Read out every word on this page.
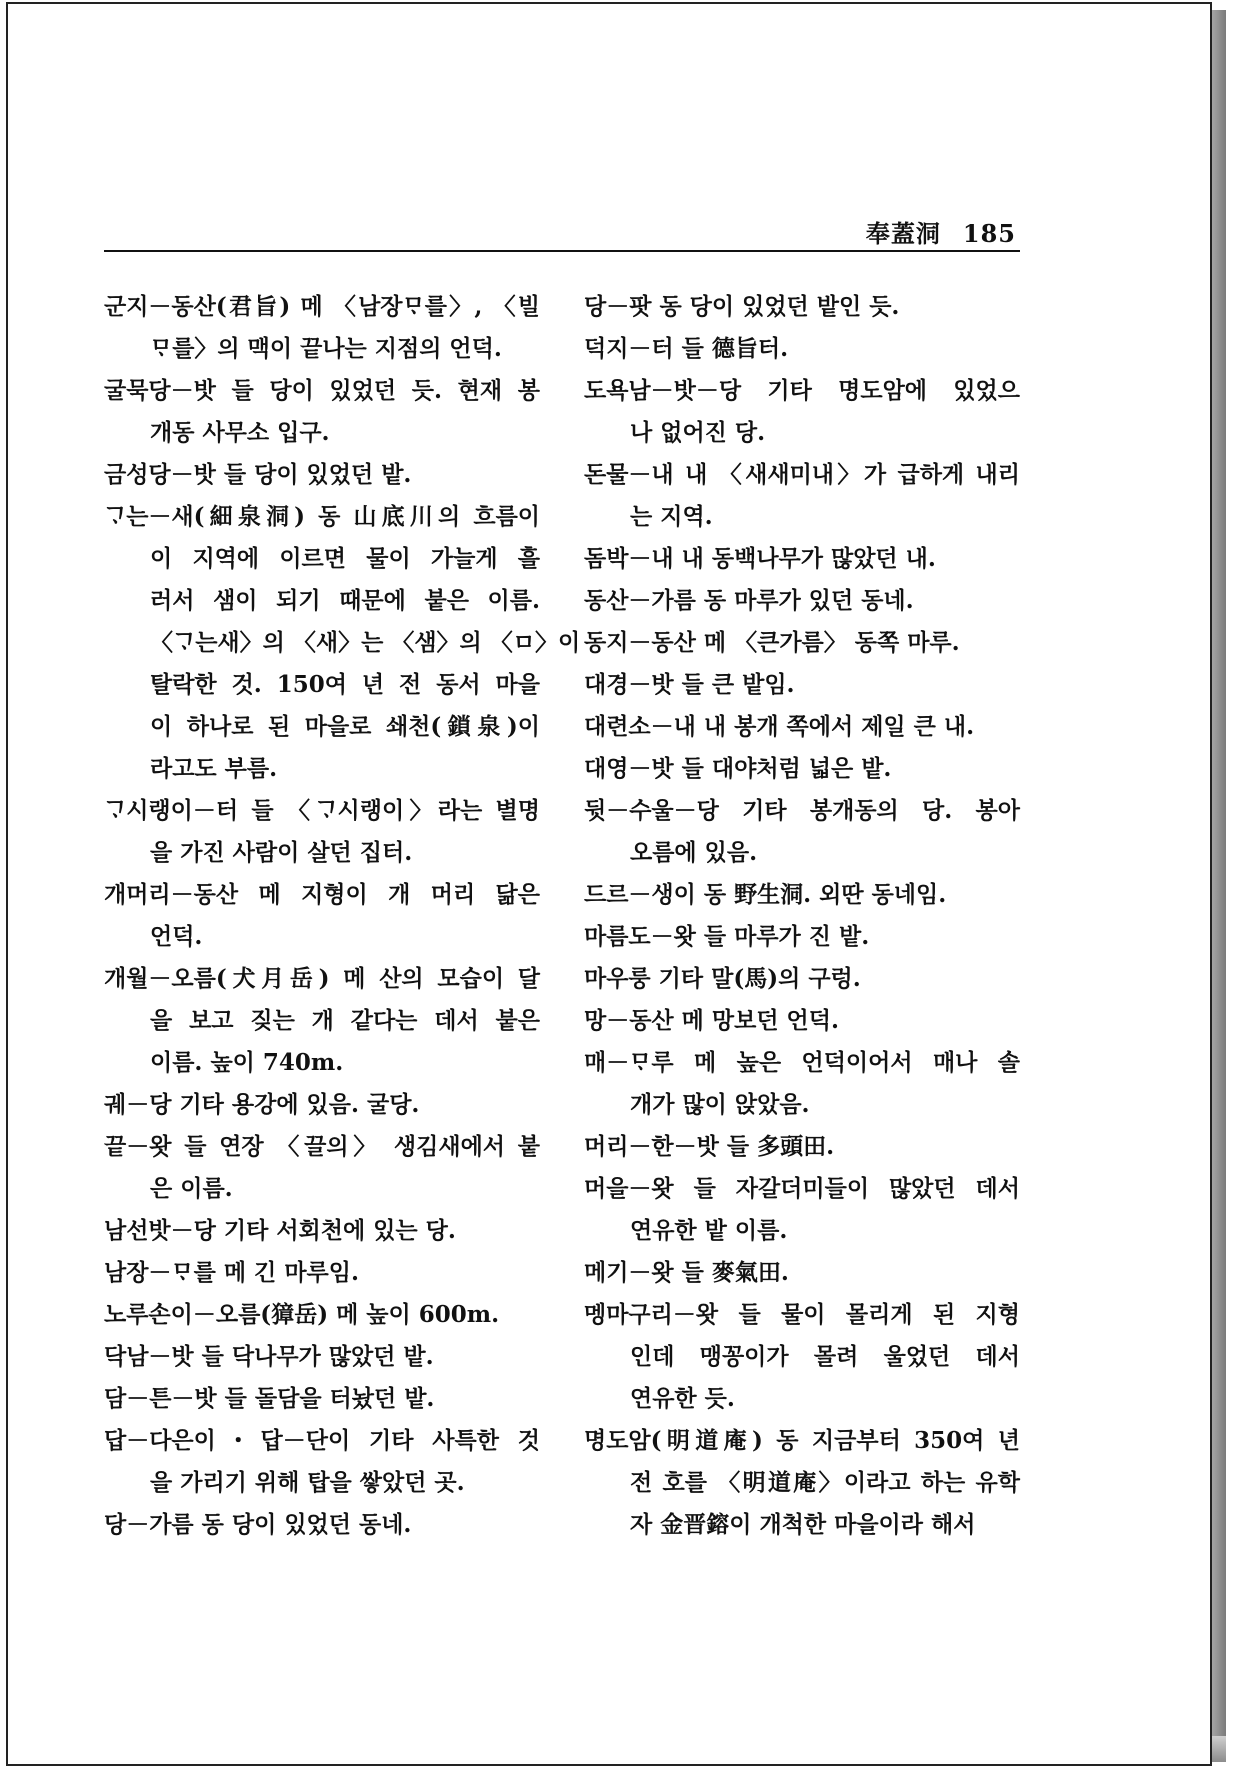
奉蓋洞 185
군지－동산(君旨) 메 〈남장ᄆᆞ를〉, 〈빌
ᄆᆞ를〉의 맥이 끝나는 지점의 언덕.
굴묵당－밧 들 당이 있었던 듯. 현재 봉
개동 사무소 입구.
금성당－밧 들 당이 있었던 밭.
ᄀᆞ는－새(細泉洞) 동 山底川의 흐름이
이 지역에 이르면 물이 가늘게 흘
러서 샘이 되기 때문에 붙은 이름.
〈ᄀᆞ는새〉의 〈새〉는 〈샘〉의 〈ㅁ〉이
탈락한 것. 150여 년 전 동서 마을
이 하나로 된 마을로 쇄천(鎖泉)이
라고도 부름.
ᄀᆞ시랭이－터 들 〈ᄀᆞ시랭이〉라는 별명
을 가진 사람이 살던 집터.
개머리－동산 메 지형이 개 머리 닮은
언덕.
개월－오름(犬月岳) 메 산의 모습이 달
을 보고 짖는 개 같다는 데서 붙은
이름. 높이 740m.
궤－당 기타 용강에 있음. 굴당.
끝－왓 들 연장 〈끌의〉 생김새에서 붙
은 이름.
남선밧－당 기타 서회천에 있는 당.
남장－ᄆᆞ를 메 긴 마루임.
노루손이－오름(獐岳) 메 높이 600m.
닥남－밧 들 닥나무가 많았던 밭.
담－튼－밧 들 돌담을 터놨던 밭.
답－다은이・답－단이 기타 사특한 것
을 가리기 위해 탑을 쌓았던 곳.
당－가름 동 당이 있었던 동네.
당－팟 동 당이 있었던 밭인 듯.
덕지－터 들 德旨터.
도욕남－밧－당 기타 명도암에 있었으
나 없어진 당.
돈물－내 내 〈새새미내〉가 급하게 내리
는 지역.
돔박－내 내 동백나무가 많았던 내.
동산－가름 동 마루가 있던 동네.
동지－동산 메 〈큰가름〉 동쪽 마루.
대경－밧 들 큰 밭임.
대련소－내 내 봉개 쪽에서 제일 큰 내.
대영－밧 들 대야처럼 넓은 밭.
뒷－수울－당 기타 봉개동의 당. 봉아
오름에 있음.
드르－생이 동 野生洞. 외딴 동네임.
마름도－왓 들 마루가 진 밭.
마우룽 기타 말(馬)의 구렁.
망－동산 메 망보던 언덕.
매－ᄆᆞ루 메 높은 언덕이어서 매나 솔
개가 많이 앉았음.
머리－한－밧 들 多頭田.
머을－왓 들 자갈더미들이 많았던 데서
연유한 밭 이름.
메기－왓 들 麥氣田.
멩마구리－왓 들 물이 몰리게 된 지형
인데 맹꽁이가 몰려 울었던 데서
연유한 듯.
명도암(明道庵) 동 지금부터 350여 년
전 호를 〈明道庵〉이라고 하는 유학
자 金晋鎔이 개척한 마을이라 해서
